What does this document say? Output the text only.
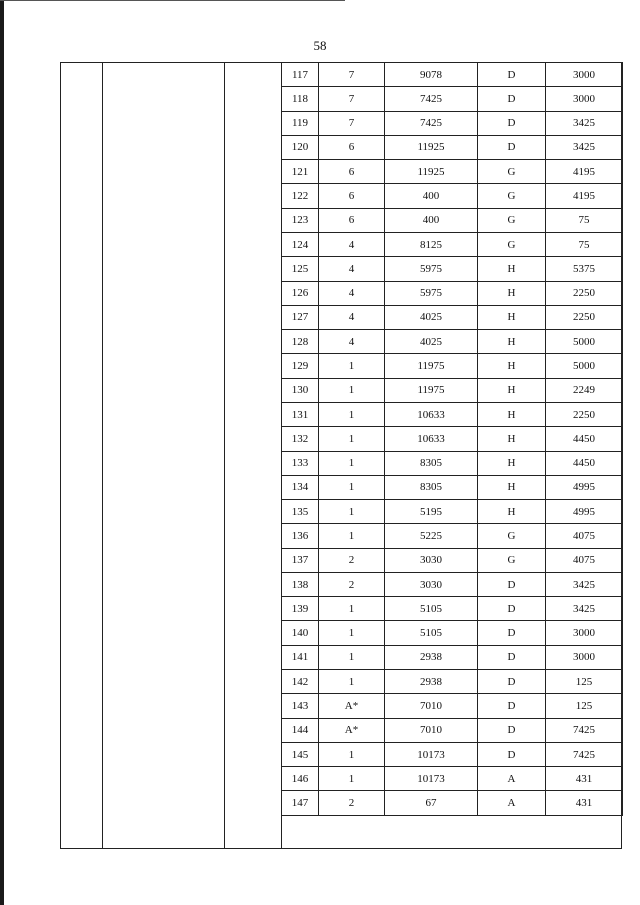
58
117	7	9078	D	3000
118	7	7425	D	3000
119	7	7425	D	3425
120	6	11925	D	3425
121	6	11925	G	4195
122	6	400	G	4195
123	6	400	G	75
124	4	8125	G	75
125	4	5975	H	5375
126	4	5975	H	2250
127	4	4025	H	2250
128	4	4025	H	5000
129	1	11975	H	5000
130	1	11975	H	2249
131	1	10633	H	2250
132	1	10633	H	4450
133	1	8305	H	4450
134	1	8305	H	4995
135	1	5195	H	4995
136	1	5225	G	4075
137	2	3030	G	4075
138	2	3030	D	3425
139	1	5105	D	3425
140	1	5105	D	3000
141	1	2938	D	3000
142	1	2938	D	125
143	A*	7010	D	125
144	A*	7010	D	7425
145	1	10173	D	7425
146	1	10173	A	431
147	2	67	A	431
